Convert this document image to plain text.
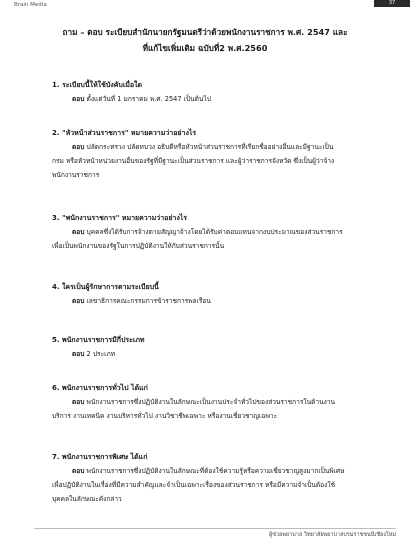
Brain Media	37
ถาม – ตอบ ระเบียบสำนักนายกรัฐมนตรีว่าด้วยพนักงานราชการ พ.ศ. 2547 และ
ที่แก้ไขเพิ่มเติม ฉบับที่2 พ.ศ.2560
1. ระเบียบนี้ให้ใช้บังคับเมื่อใด
ตอบ ตั้งแต่วันที่ 1 มกราคม พ.ศ. 2547 เป็นต้นไป
2. "หัวหน้าส่วนราชการ" หมายความว่าอย่างไร
ตอบ ปลัดกระทรวง ปลัดทบวง อธิบดีหรือหัวหน้าส่วนราชการที่เรียกชื่ออย่างอื่นและมีฐานะเป็น
กรม หรือหัวหน้าหน่วยงานอื่นของรัฐที่มีฐานะเป็นส่วนราชการ และผู้ว่าราชการจังหวัด ซึ่งเป็นผู้ว่าจ้าง
พนักงานราชการ
3. "พนักงานราชการ" หมายความว่าอย่างไร
ตอบ บุคคลซึ่งได้รับการจ้างตามสัญญาจ้างโดยได้รับค่าตอบแทนจากงบประมาณของส่วนราชการ
เพื่อเป็นพนักงานของรัฐในการปฏิบัติงานให้กับส่วนราชการนั้น
4. ใครเป็นผู้รักษาการตามระเบียบนี้
ตอบ เลขาธิการคณะกรรมการข้าราชการพลเรือน
5. พนักงานราชการมีกี่ประเภท
ตอบ 2 ประเภท
6. พนักงานราชการทั่วไป ได้แก่
ตอบ พนักงานราชการซึ่งปฏิบัติงานในลักษณะเป็นงานประจำทั่วไปของส่วนราชการในด้านงาน
บริการ งานเทคนิค งานบริหารทั่วไป งานวิชาชีพเฉพาะ หรืองานเชี่ยวชาญเฉพาะ
7. พนักงานราชการพิเศษ ได้แก่
ตอบ พนักงานราชการซึ่งปฏิบัติงานในลักษณะที่ต้องใช้ความรู้หรือความเชี่ยวชาญสูงมากเป็นพิเศษ
เพื่อปฏิบัติงานในเรื่องที่มีความสำคัญและจำเป็นเฉพาะเรื่องของส่วนราชการ หรือมีความจำเป็นต้องใช้
บุคคลในลักษณะดังกล่าว
ผู้ช่วยพยาบาล วิทยาลัยพยาบาลบรมราชชนนีเชียงใหม่
